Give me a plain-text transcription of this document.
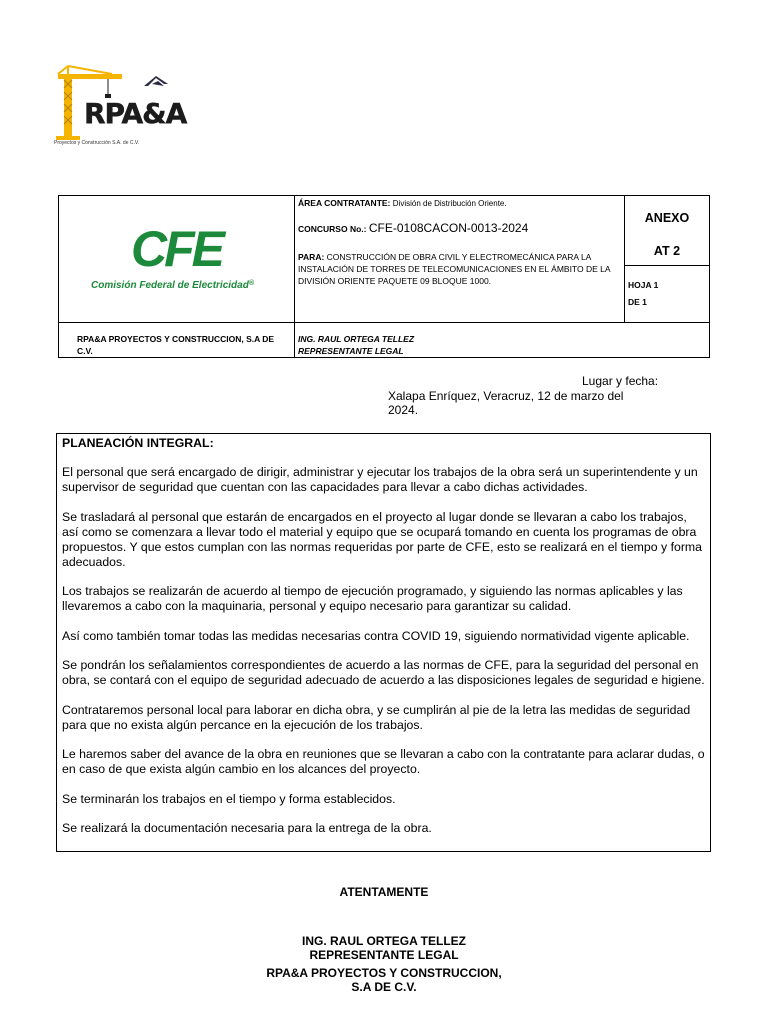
RPA&A
Proyectos y Construcción S.A. de C.V.
CFE
Comisión Federal de Electricidad®
ÁREA CONTRATANTE: División de Distribución Oriente.
CONCURSO No.: CFE-0108CACON-0013-2024
PARA: CONSTRUCCIÓN DE OBRA CIVIL Y ELECTROMECÁNICA PARA LA INSTALACIÓN DE TORRES DE TELECOMUNICACIONES EN EL ÁMBITO DE LA DIVISIÓN ORIENTE PAQUETE 09 BLOQUE 1000.
ANEXO
AT 2
HOJA 1
DE 1
RPA&A PROYECTOS Y CONSTRUCCION, S.A DE C.V.
ING. RAUL ORTEGA TELLEZ
REPRESENTANTE LEGAL
Lugar y fecha:
Xalapa Enríquez, Veracruz, 12 de marzo del
2024.

PLANEACIÓN INTEGRAL:

El personal que será encargado de dirigir, administrar y ejecutar los trabajos de la obra será un superintendente y un supervisor de seguridad que cuentan con las capacidades para llevar a cabo dichas actividades.

Se trasladará al personal que estarán de encargados en el proyecto al lugar donde se llevaran a cabo los trabajos, así como se comenzara a llevar todo el material y equipo que se ocupará tomando en cuenta los programas de obra propuestos. Y que estos cumplan con las normas requeridas por parte de CFE, esto se realizará en el tiempo y forma adecuados.

Los trabajos se realizarán de acuerdo al tiempo de ejecución programado, y siguiendo las normas aplicables y las llevaremos a cabo con la maquinaria, personal y equipo necesario para garantizar su calidad.

Así como también tomar todas las medidas necesarias contra COVID 19, siguiendo normatividad vigente aplicable.

Se pondrán los señalamientos correspondientes de acuerdo a las normas de CFE, para la seguridad del personal en obra, se contará con el equipo de seguridad adecuado de acuerdo a las disposiciones legales de seguridad e higiene.

Contrataremos personal local para laborar en dicha obra, y se cumplirán al pie de la letra las medidas de seguridad para que no exista algún percance en la ejecución de los trabajos.

Le haremos saber del avance de la obra en reuniones que se llevaran a cabo con la contratante para aclarar dudas, o en caso de que exista algún cambio en los alcances del proyecto.

Se terminarán los trabajos en el tiempo y forma establecidos.

Se realizará la documentación necesaria para la entrega de la obra.

ATENTAMENTE
ING. RAUL ORTEGA TELLEZ
REPRESENTANTE LEGAL
RPA&A PROYECTOS Y CONSTRUCCION,
S.A DE C.V.
